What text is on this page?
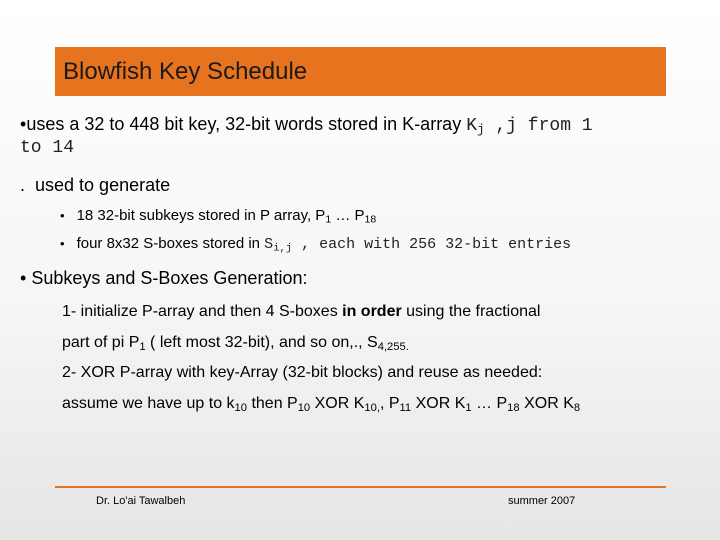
Blowfish Key Schedule
•uses a 32 to 448 bit key, 32-bit words stored in K-array $K_j$ ,j from 1
to 14
. used to generate
• 18 32-bit subkeys stored in P array, $P_1$ … $P_{18}$
• four 8x32 S-boxes stored in $S_{i,j}$ , each with 256 32-bit entries
• Subkeys and S-Boxes Generation:
1- initialize P-array and then 4 S-boxes in order using the fractional
part of pi $P_1$ ( left most 32-bit), and so on,., $S_{4,255.}$
2- XOR P-array with key-Array (32-bit blocks) and reuse as needed:
assume we have up to $k_{10}$ then $P_{10}$ XOR $K_{10,}$, $P_{11}$ XOR $K_1$ … $P_{18}$ XOR $K_8$
Dr. Lo'ai Tawalbeh	summer 2007
